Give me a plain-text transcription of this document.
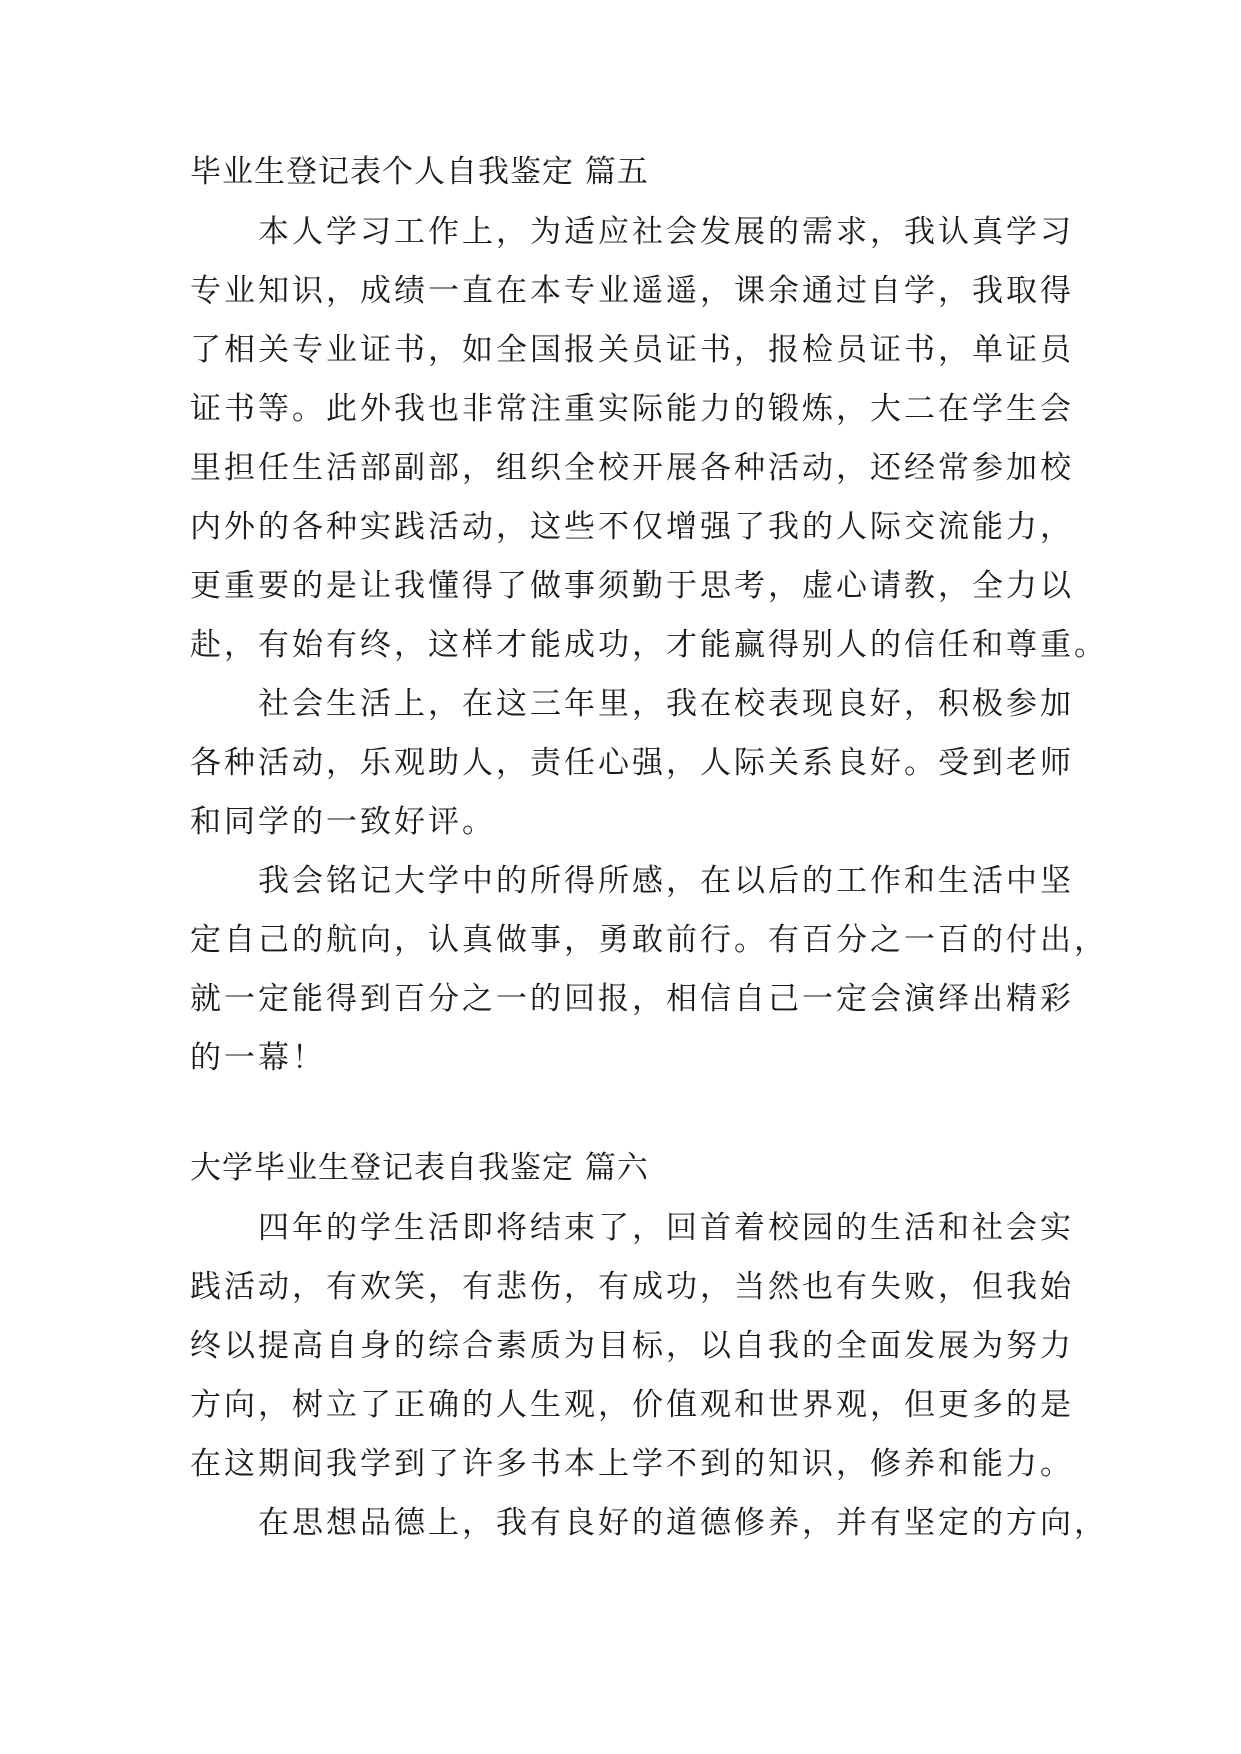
毕业生登记表个人自我鉴定 篇五
　　本人学习工作上，为适应社会发展的需求，我认真学习
专业知识，成绩一直在本专业遥遥，课余通过自学，我取得
了相关专业证书，如全国报关员证书，报检员证书，单证员
证书等。此外我也非常注重实际能力的锻炼，大二在学生会
里担任生活部副部，组织全校开展各种活动，还经常参加校
内外的各种实践活动，这些不仅增强了我的人际交流能力，
更重要的是让我懂得了做事须勤于思考，虚心请教，全力以
赴，有始有终，这样才能成功，才能赢得别人的信任和尊重。
　　社会生活上，在这三年里，我在校表现良好，积极参加
各种活动，乐观助人，责任心强，人际关系良好。受到老师
和同学的一致好评。
　　我会铭记大学中的所得所感，在以后的工作和生活中坚
定自己的航向，认真做事，勇敢前行。有百分之一百的付出，
就一定能得到百分之一的回报，相信自己一定会演绎出精彩
的一幕！
大学毕业生登记表自我鉴定 篇六
　　四年的学生活即将结束了，回首着校园的生活和社会实
践活动，有欢笑，有悲伤，有成功，当然也有失败，但我始
终以提高自身的综合素质为目标，以自我的全面发展为努力
方向，树立了正确的人生观，价值观和世界观，但更多的是
在这期间我学到了许多书本上学不到的知识，修养和能力。
　　在思想品德上，我有良好的道德修养，并有坚定的方向，
